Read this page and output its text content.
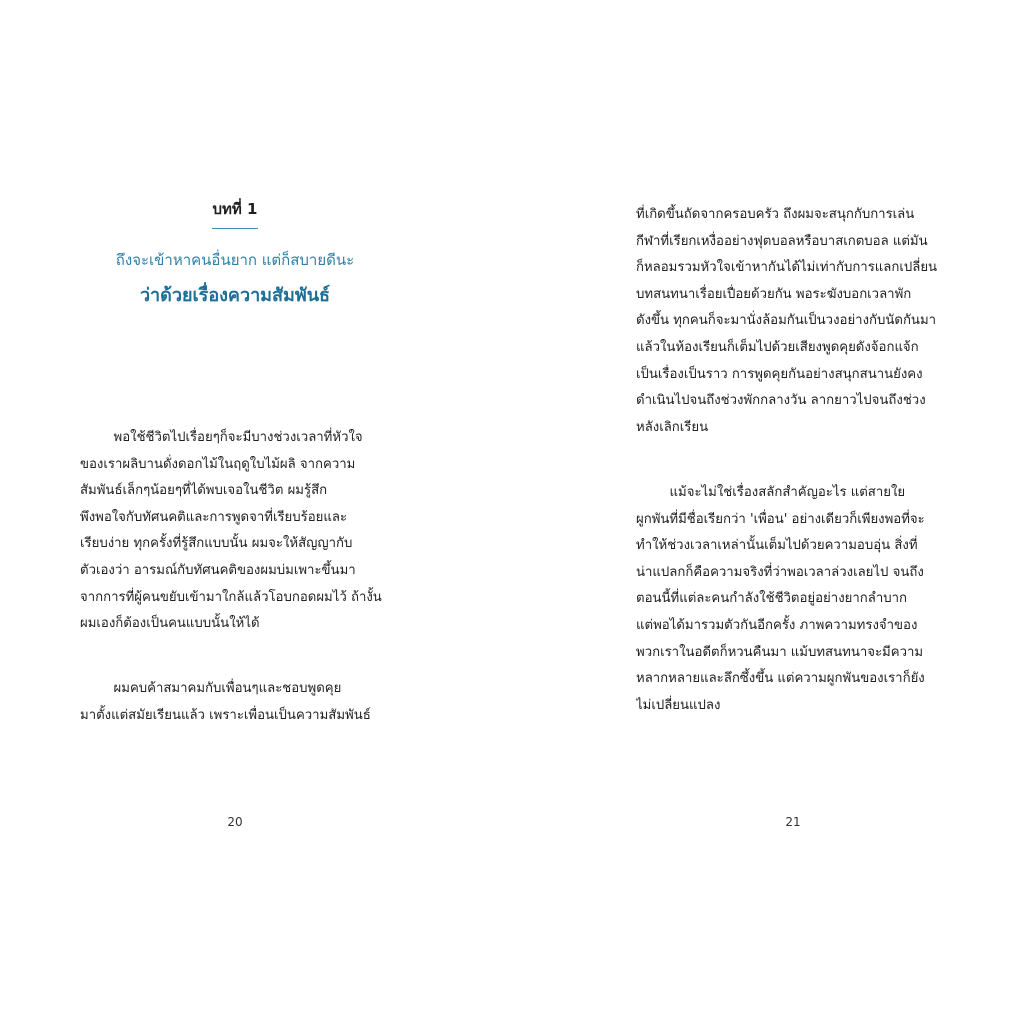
บทที่ 1
ถึงจะเข้าหาคนอื่นยาก แต่ก็สบายดีนะ
ว่าด้วยเรื่องความสัมพันธ์

พอใช้ชีวิตไปเรื่อยๆก็จะมีบางช่วงเวลาที่หัวใจ
ของเราผลิบานดั่งดอกไม้ในฤดูใบไม้ผลิ จากความ
สัมพันธ์เล็กๆน้อยๆที่ได้พบเจอในชีวิต ผมรู้สึก
พึงพอใจกับทัศนคติและการพูดจาที่เรียบร้อยและ
เรียบง่าย ทุกครั้งที่รู้สึกแบบนั้น ผมจะให้สัญญากับ
ตัวเองว่า อารมณ์กับทัศนคติของผมบ่มเพาะขึ้นมา
จากการที่ผู้คนขยับเข้ามาใกล้แล้วโอบกอดผมไว้ ถ้างั้น
ผมเองก็ต้องเป็นคนแบบนั้นให้ได้

ผมคบค้าสมาคมกับเพื่อนๆและชอบพูดคุย
มาตั้งแต่สมัยเรียนแล้ว เพราะเพื่อนเป็นความสัมพันธ์

20

ที่เกิดขึ้นถัดจากครอบครัว ถึงผมจะสนุกกับการเล่น
กีฬาที่เรียกเหงื่ออย่างฟุตบอลหรือบาสเกตบอล แต่มัน
ก็หลอมรวมหัวใจเข้าหากันได้ไม่เท่ากับการแลกเปลี่ยน
บทสนทนาเรื่อยเปื่อยด้วยกัน พอระฆังบอกเวลาพัก
ดังขึ้น ทุกคนก็จะมานั่งล้อมกันเป็นวงอย่างกับนัดกันมา
แล้วในห้องเรียนก็เต็มไปด้วยเสียงพูดคุยดังจ้อกแจ้ก
เป็นเรื่องเป็นราว การพูดคุยกันอย่างสนุกสนานยังคง
ดำเนินไปจนถึงช่วงพักกลางวัน ลากยาวไปจนถึงช่วง
หลังเลิกเรียน

แม้จะไม่ใช่เรื่องสลักสำคัญอะไร แต่สายใย
ผูกพันที่มีชื่อเรียกว่า 'เพื่อน' อย่างเดียวก็เพียงพอที่จะ
ทำให้ช่วงเวลาเหล่านั้นเต็มไปด้วยความอบอุ่น สิ่งที่
น่าแปลกก็คือความจริงที่ว่าพอเวลาล่วงเลยไป จนถึง
ตอนนี้ที่แต่ละคนกำลังใช้ชีวิตอยู่อย่างยากลำบาก
แต่พอได้มารวมตัวกันอีกครั้ง ภาพความทรงจำของ
พวกเราในอดีตก็หวนคืนมา แม้บทสนทนาจะมีความ
หลากหลายและลึกซึ้งขึ้น แต่ความผูกพันของเราก็ยัง
ไม่เปลี่ยนแปลง

21
